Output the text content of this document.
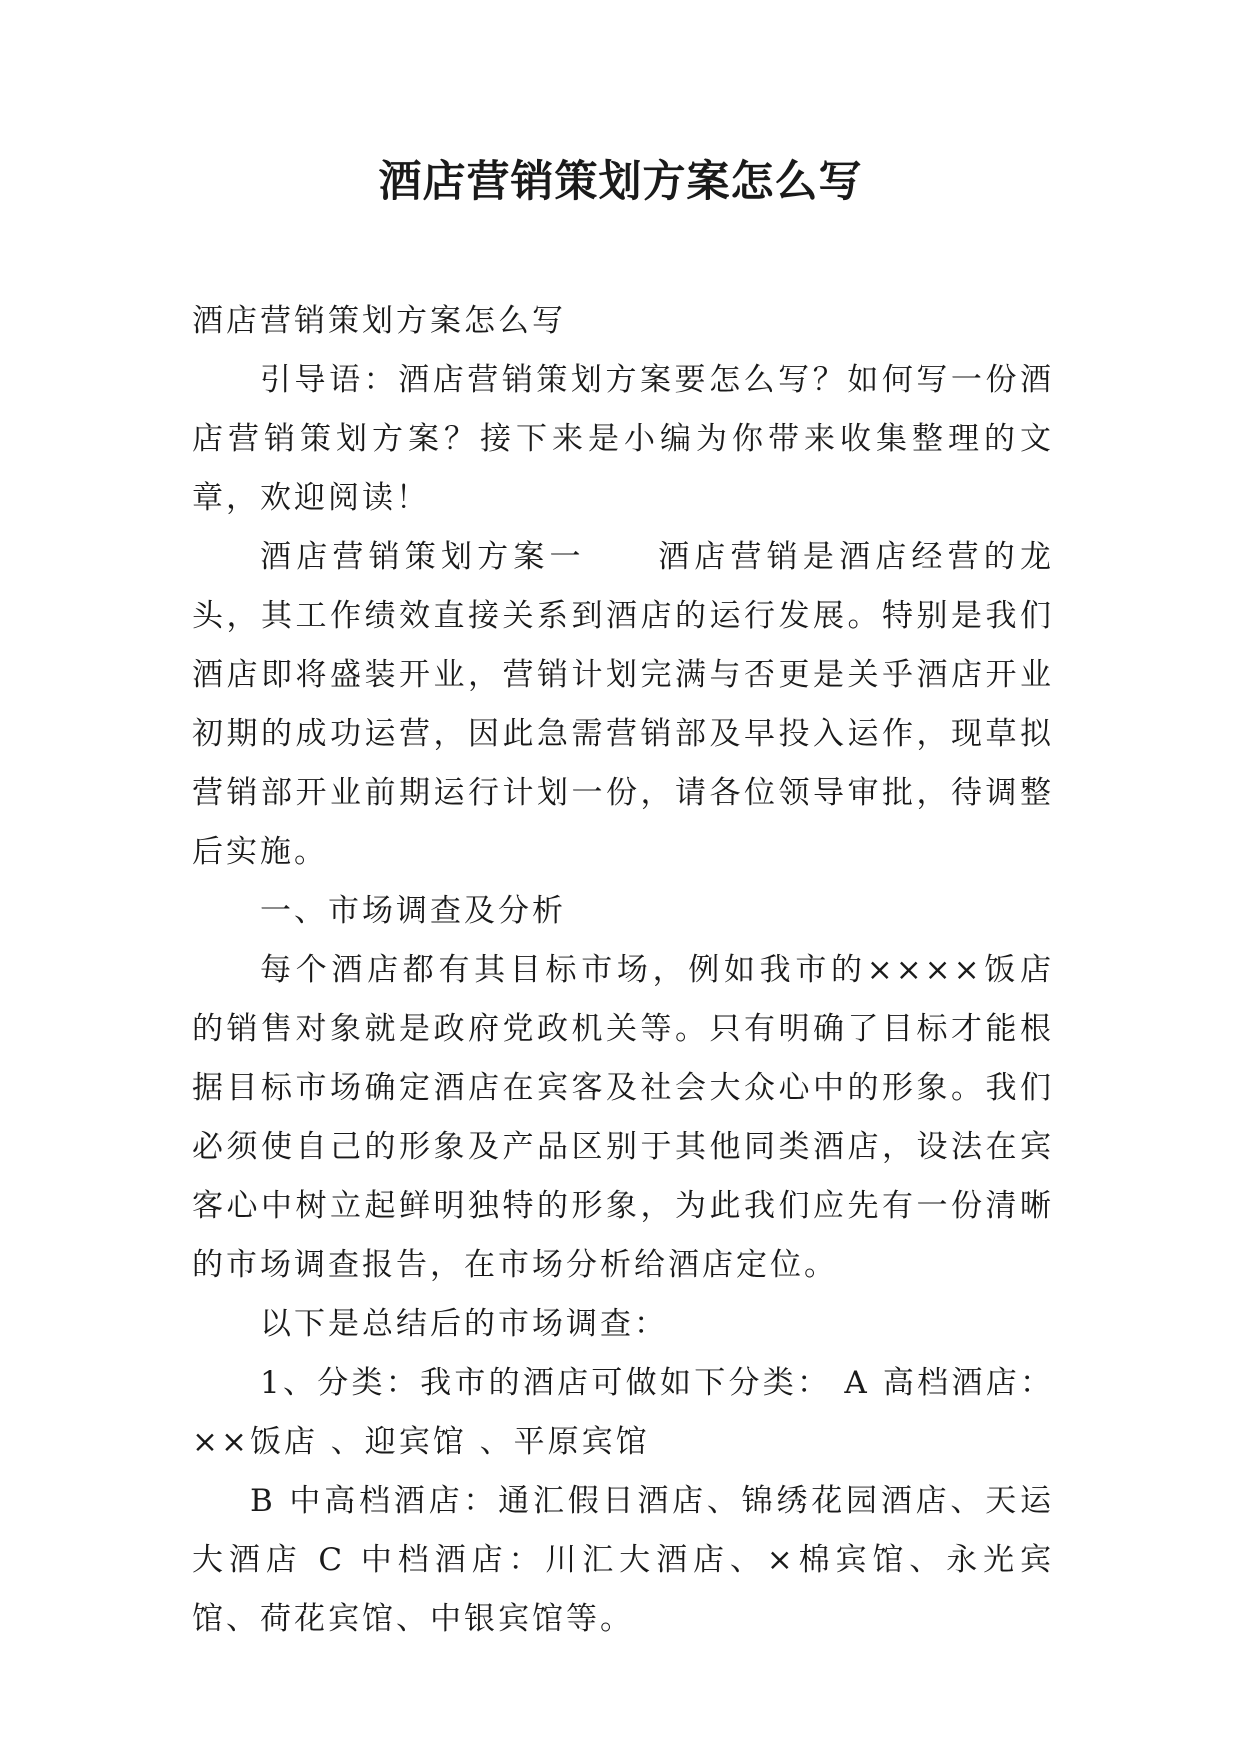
酒店营销策划方案怎么写

酒店营销策划方案怎么写

引导语：酒店营销策划方案要怎么写？如何写一份酒店营销策划方案？接下来是小编为你带来收集整理的文章，欢迎阅读！

酒店营销策划方案一　　酒店营销是酒店经营的龙头，其工作绩效直接关系到酒店的运行发展。特别是我们酒店即将盛装开业，营销计划完满与否更是关乎酒店开业初期的成功运营，因此急需营销部及早投入运作，现草拟营销部开业前期运行计划一份，请各位领导审批，待调整后实施。

一、市场调查及分析

每个酒店都有其目标市场，例如我市的××××饭店的销售对象就是政府党政机关等。只有明确了目标才能根据目标市场确定酒店在宾客及社会大众心中的形象。我们必须使自己的形象及产品区别于其他同类酒店，设法在宾客心中树立起鲜明独特的形象，为此我们应先有一份清晰的市场调查报告，在市场分析给酒店定位。

以下是总结后的市场调查：

1、分类：我市的酒店可做如下分类： A 高档酒店：××饭店 、迎宾馆 、平原宾馆

B 中高档酒店：通汇假日酒店、锦绣花园酒店、天运大酒店 C 中档酒店：川汇大酒店、×棉宾馆、永光宾馆、荷花宾馆、中银宾馆等。
